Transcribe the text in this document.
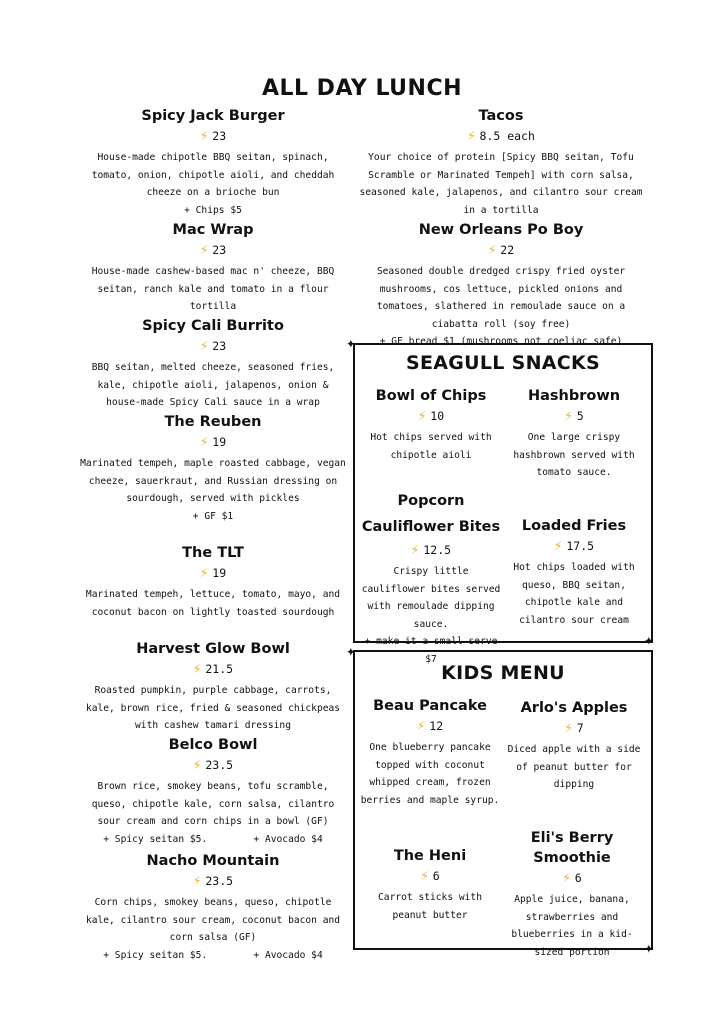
ALL DAY LUNCH
Spicy Jack Burger
⚡ 23
House-made chipotle BBQ seitan, spinach, tomato, onion, chipotle aioli, and cheddah cheeze on a brioche bun
+ Chips $5
Mac Wrap
⚡ 23
House-made cashew-based mac n' cheeze, BBQ seitan, ranch kale and tomato in a flour tortilla
Spicy Cali Burrito
⚡ 23
BBQ seitan, melted cheeze, seasoned fries, kale, chipotle aioli, jalapenos, onion & house-made Spicy Cali sauce in a wrap
The Reuben
⚡ 19
Marinated tempeh, maple roasted cabbage, vegan cheeze, sauerkraut, and Russian dressing on sourdough, served with pickles
+ GF $1
The TLT
⚡ 19
Marinated tempeh, lettuce, tomato, mayo, and coconut bacon on lightly toasted sourdough
Harvest Glow Bowl
⚡ 21.5
Roasted pumpkin, purple cabbage, carrots, kale, brown rice, fried & seasoned chickpeas with cashew tamari dressing
Belco Bowl
⚡ 23.5
Brown rice, smokey beans, tofu scramble, queso, chipotle kale, corn salsa, cilantro sour cream and corn chips in a bowl (GF)
+ Spicy seitan $5.        + Avocado $4
Nacho Mountain
⚡ 23.5
Corn chips, smokey beans, queso, chipotle kale, cilantro sour cream, coconut bacon and corn salsa (GF)
+ Spicy seitan $5.        + Avocado $4
Tacos
⚡ 8.5 each
Your choice of protein [Spicy BBQ seitan, Tofu Scramble or Marinated Tempeh] with corn salsa, seasoned kale, jalapenos, and cilantro sour cream in a tortilla
New Orleans Po Boy
⚡ 22
Seasoned double dredged crispy fried oyster mushrooms, cos lettuce, pickled onions and tomatoes, slathered in remoulade sauce on a ciabatta roll (soy free)
+ GF bread $1 (mushrooms not coeliac safe)
✦
✦
SEAGULL SNACKS
Bowl of Chips
⚡ 10
Hot chips served with chipotle aioli
Hashbrown
⚡ 5
One large crispy hashbrown served with tomato sauce.
Popcorn Cauliflower Bites
⚡ 12.5
Crispy little cauliflower bites served with remoulade dipping sauce.
+ make it a small serve $7
Loaded Fries
⚡ 17.5
Hot chips loaded with queso, BBQ seitan, chipotle kale and cilantro sour cream
✦
✦
KIDS MENU
Beau Pancake
⚡ 12
One blueberry pancake topped with coconut whipped cream, frozen berries and maple syrup.
Arlo's Apples
⚡ 7
Diced apple with a side of peanut butter for dipping
The Heni
⚡ 6
Carrot sticks with peanut butter
Eli's Berry Smoothie
⚡ 6
Apple juice, banana, strawberries and blueberries in a kid-sized portion
